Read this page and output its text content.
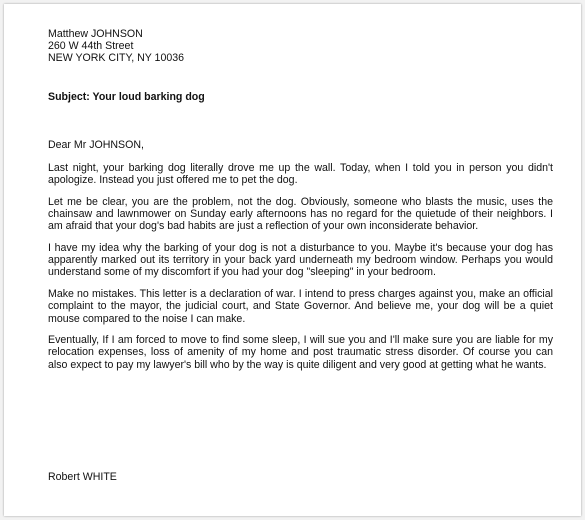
Matthew JOHNSON
260 W 44th Street
NEW YORK CITY, NY 10036
Subject: Your loud barking dog
Dear Mr JOHNSON,
Last night, your barking dog literally drove me up the wall. Today, when I told you in person you didn't apologize. Instead you just offered me to pet the dog.
Let me be clear, you are the problem, not the dog. Obviously, someone who blasts the music, uses the chainsaw and lawnmower on Sunday early afternoons has no regard for the quietude of their neighbors. I am afraid that your dog's bad habits are just a reflection of your own inconsiderate behavior.
I have my idea why the barking of your dog is not a disturbance to you. Maybe it's because your dog has apparently marked out its territory in your back yard underneath my bedroom window. Perhaps you would understand some of my discomfort if you had your dog "sleeping" in your bedroom.
Make no mistakes. This letter is a declaration of war. I intend to press charges against you, make an official complaint to the mayor, the judicial court, and State Governor. And believe me, your dog will be a quiet mouse compared to the noise I can make.
Eventually, If I am forced to move to find some sleep, I will sue you and I'll make sure you are liable for my relocation expenses, loss of amenity of my home and post traumatic stress disorder. Of course you can also expect to pay my lawyer's bill who by the way is quite diligent and very good at getting what he wants.
Robert WHITE
